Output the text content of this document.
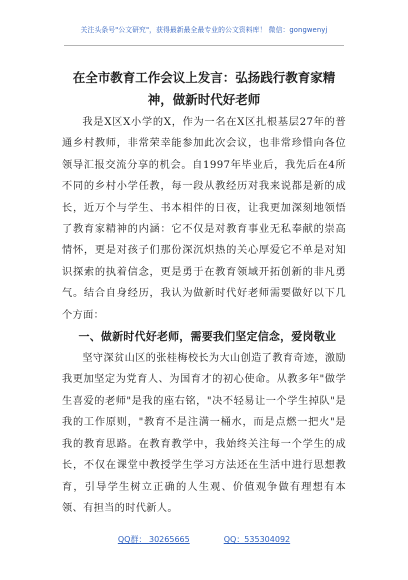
关注头条号"公文研究"，获得最新最全最专业的公文资料库！ 微信：gongwenyj
在全市教育工作会议上发言：弘扬践行教育家精神，做新时代好老师

我是X区X小学的X，作为一名在X区扎根基层27年的普通乡村教师，非常荣幸能参加此次会议，也非常珍惜向各位领导汇报交流分享的机会。自1997年毕业后，我先后在4所不同的乡村小学任教，每一段从教经历对我来说都是新的成长，近万个与学生、书本相伴的日夜，让我更加深刻地领悟了教育家精神的内涵：它不仅是对教育事业无私奉献的崇高情怀，更是对孩子们那份深沉炽热的关心厚爱它不单是对知识探索的执着信念，更是勇于在教育领域开拓创新的非凡勇气。结合自身经历，我认为做新时代好老师需要做好以下几个方面：

一、做新时代好老师，需要我们坚定信念，爱岗敬业

坚守深贫山区的张桂梅校长为大山创造了教育奇迹，激励我更加坚定为党育人、为国育才的初心使命。从教多年"做学生喜爱的老师"是我的座右铭，"决不轻易让一个学生掉队"是我的工作原则，"教育不是注满一桶水，而是点燃一把火"是我的教育思路。在教育教学中，我始终关注每一个学生的成长，不仅在课堂中教授学生学习方法还在生活中进行思想教育，引导学生树立正确的人生观、价值观争做有理想有本领、有担当的时代新人。

QQ群： 30265665	QQ：535304092
